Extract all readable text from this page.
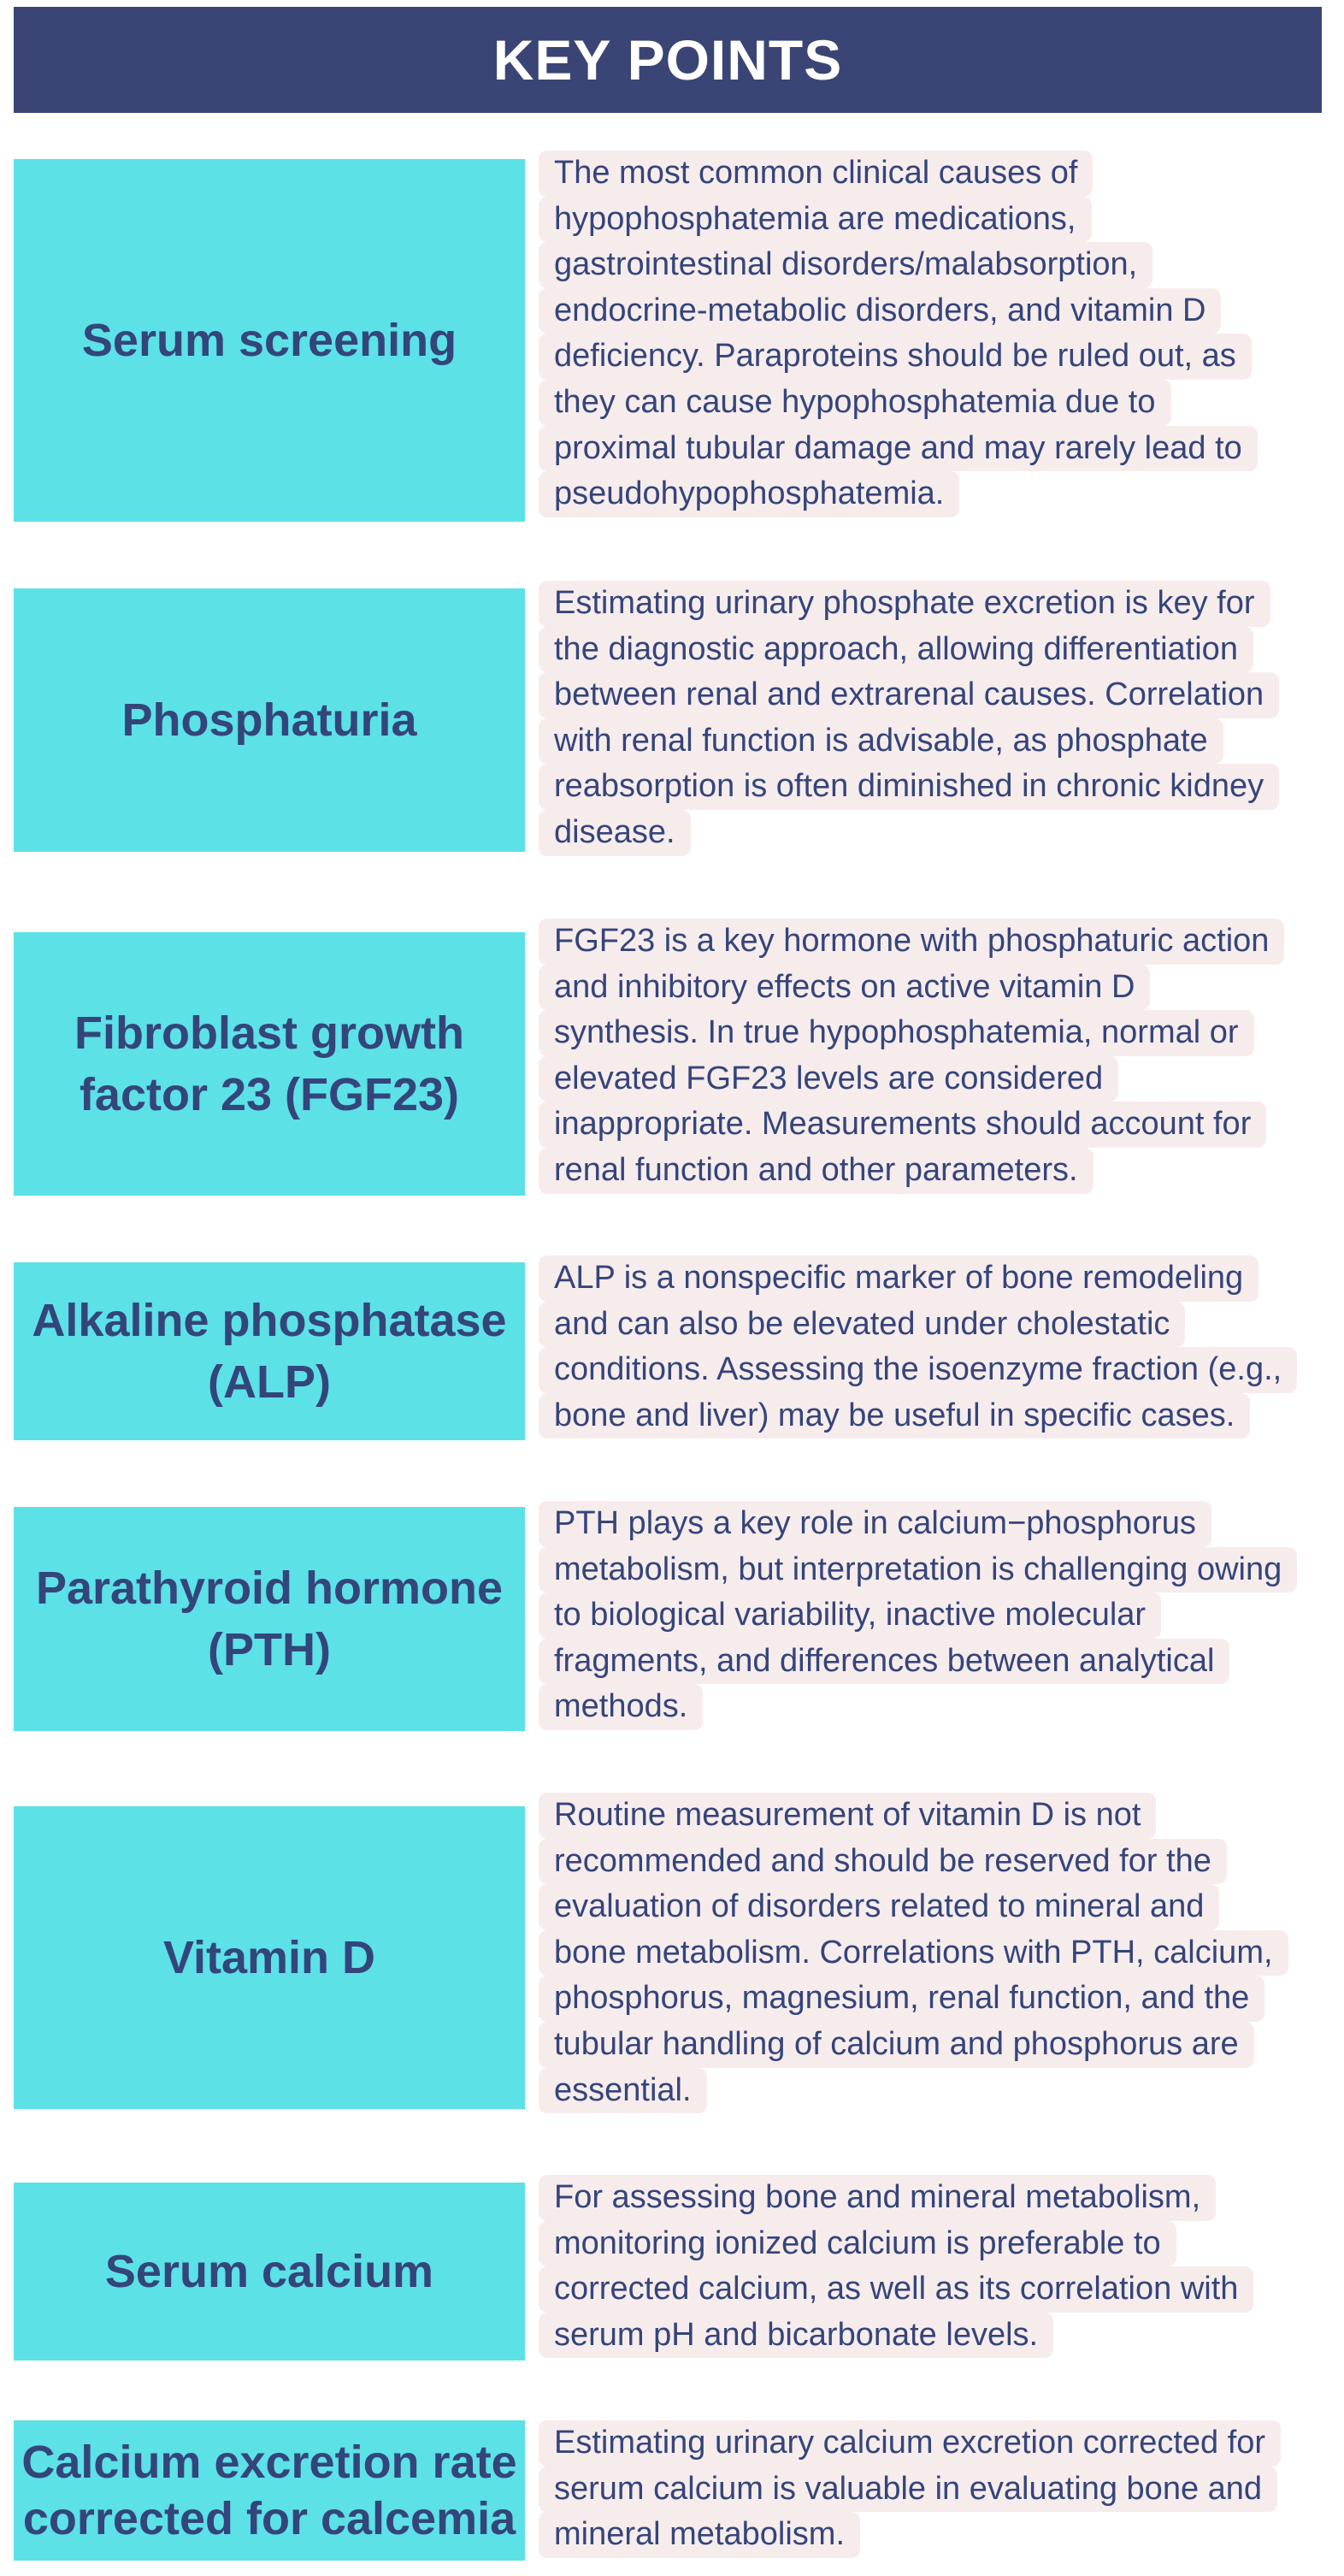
KEY POINTS
Serum screening
The most common clinical causes of
hypophosphatemia are medications,
gastrointestinal disorders/malabsorption,
endocrine-metabolic disorders, and vitamin D
deficiency. Paraproteins should be ruled out, as
they can cause hypophosphatemia due to
proximal tubular damage and may rarely lead to
pseudohypophosphatemia.
Phosphaturia
Estimating urinary phosphate excretion is key for
the diagnostic approach, allowing differentiation
between renal and extrarenal causes. Correlation
with renal function is advisable, as phosphate
reabsorption is often diminished in chronic kidney
disease.
Fibroblast growth factor 23 (FGF23)
FGF23 is a key hormone with phosphaturic action
and inhibitory effects on active vitamin D
synthesis. In true hypophosphatemia, normal or
elevated FGF23 levels are considered
inappropriate. Measurements should account for
renal function and other parameters.
Alkaline phosphatase (ALP)
ALP is a nonspecific marker of bone remodeling
and can also be elevated under cholestatic
conditions. Assessing the isoenzyme fraction (e.g.,
bone and liver) may be useful in specific cases.
Parathyroid hormone (PTH)
PTH plays a key role in calcium−phosphorus
metabolism, but interpretation is challenging owing
to biological variability, inactive molecular
fragments, and differences between analytical
methods.
Vitamin D
Routine measurement of vitamin D is not
recommended and should be reserved for the
evaluation of disorders related to mineral and
bone metabolism. Correlations with PTH, calcium,
phosphorus, magnesium, renal function, and the
tubular handling of calcium and phosphorus are
essential.
Serum calcium
For assessing bone and mineral metabolism,
monitoring ionized calcium is preferable to
corrected calcium, as well as its correlation with
serum pH and bicarbonate levels.
Calcium excretion rate corrected for calcemia
Estimating urinary calcium excretion corrected for
serum calcium is valuable in evaluating bone and
mineral metabolism.
